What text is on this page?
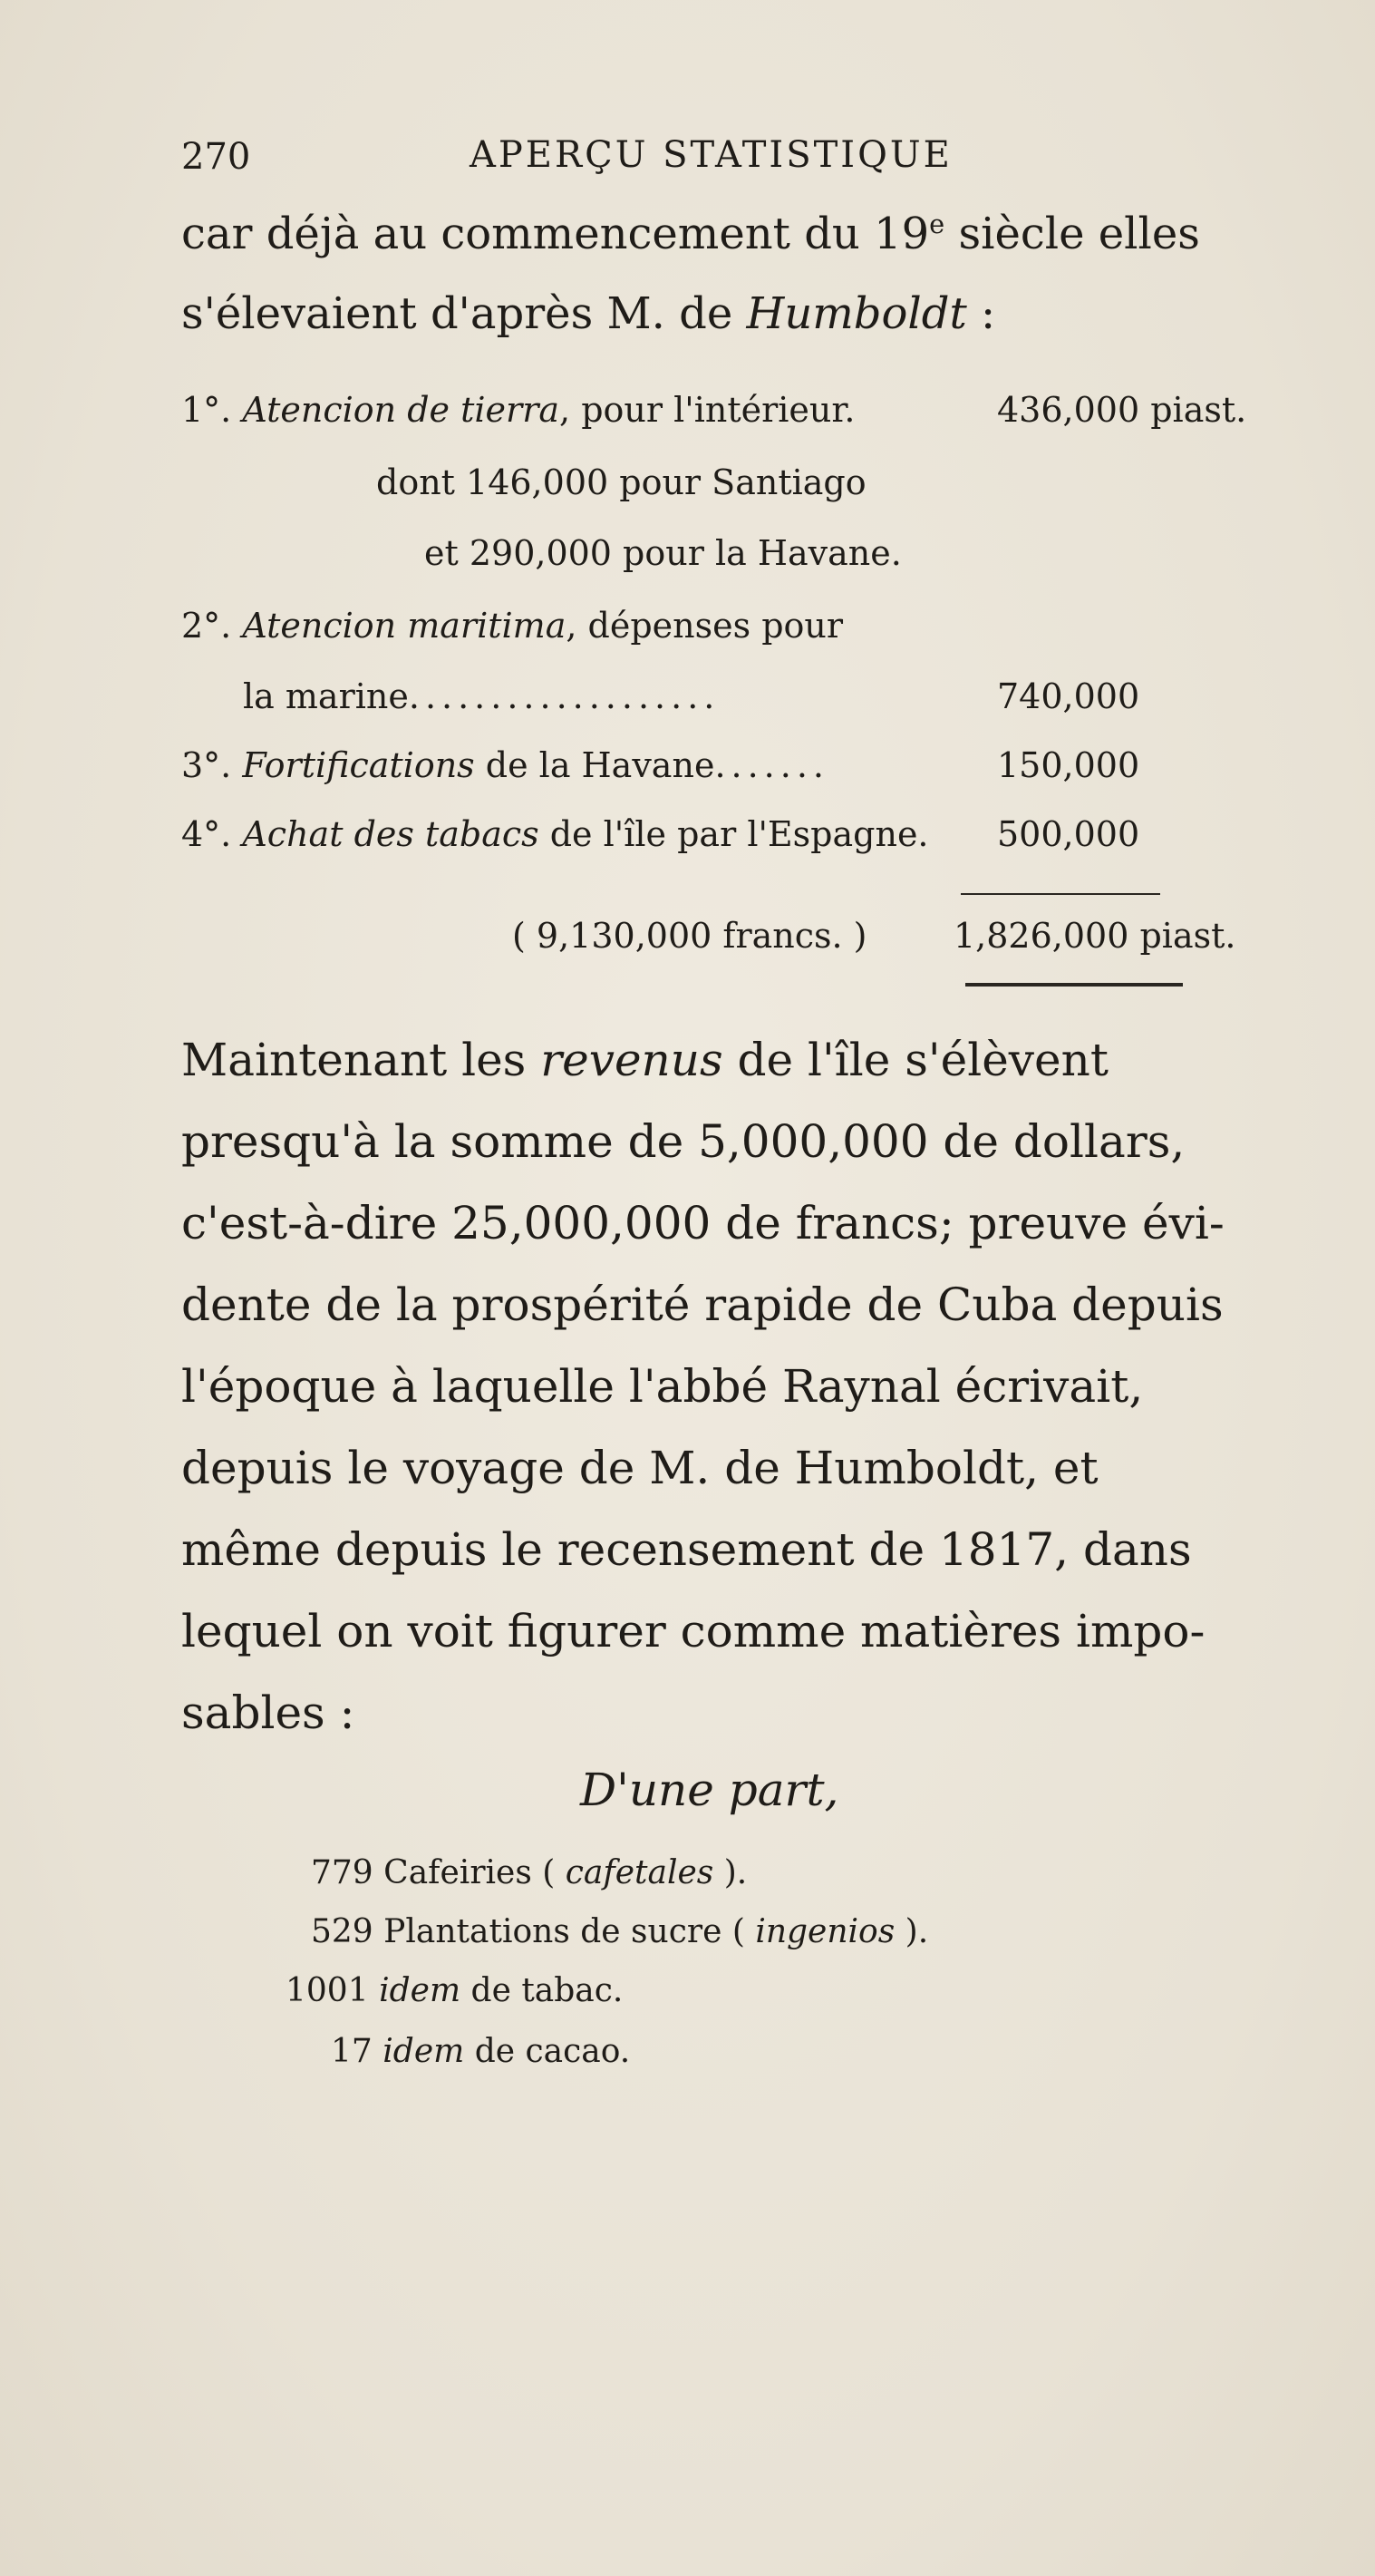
270	APERÇU STATISTIQUE
car déjà au commencement du 19e siècle elles
s'élevaient d'après M. de Humboldt :
1°. Atencion de tierra, pour l'intérieur.	436,000 piast.
dont 146,000 pour Santiago
et 290,000 pour la Havane.
2°. Atencion maritima, dépenses pour
la marine...................	740,000
3°. Fortifications de la Havane.......	150,000
4°. Achat des tabacs de l'île par l'Espagne. 500,000
( 9,130,000 francs. )	1,826,000 piast.
Maintenant les revenus de l'île s'élèvent
presqu'à la somme de 5,000,000 de dollars,
c'est-à-dire 25,000,000 de francs; preuve évi-
dente de la prospérité rapide de Cuba depuis
l'époque à laquelle l'abbé Raynal écrivait,
depuis le voyage de M. de Humboldt, et
même depuis le recensement de 1817, dans
lequel on voit figurer comme matières impo-
sables :
D'une part,
779 Cafeiries ( cafetales ).
529 Plantations de sucre ( ingenios ).
1001 idem de tabac.
17 idem de cacao.
